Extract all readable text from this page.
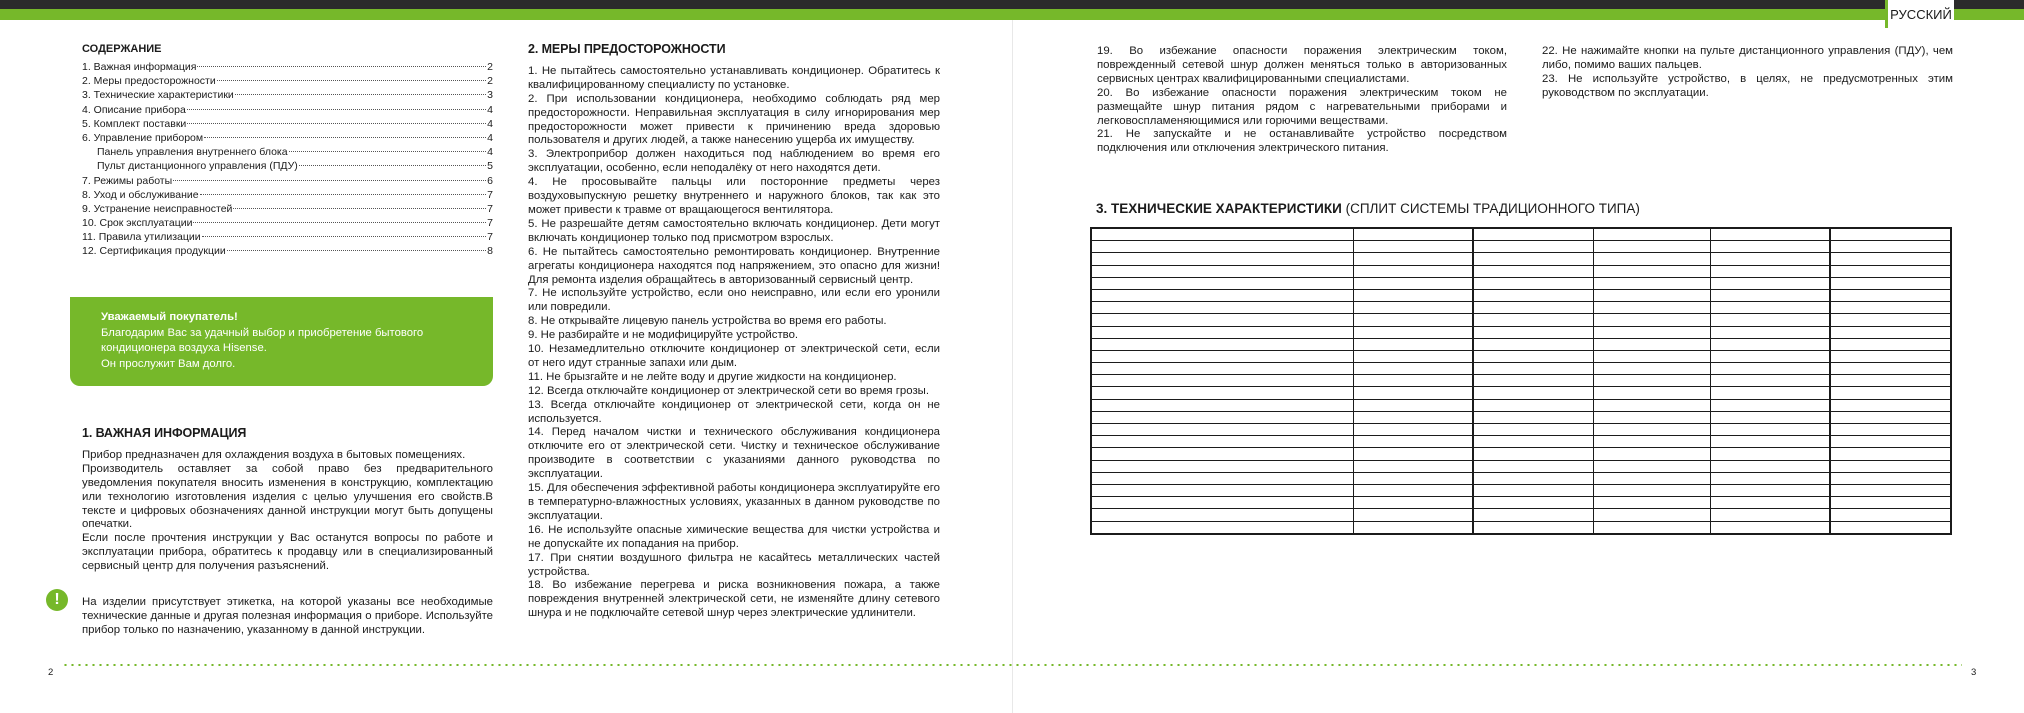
РУССКИЙ
СОДЕРЖАНИЕ
1. Важная информация	2
2. Меры предосторожности	2
3. Технические характеристики	3
4. Описание прибора	4
5. Комплект поставки	4
6. Управление прибором	4
Панель управления внутреннего блока	4
Пульт дистанционного управления (ПДУ)	5
7. Режимы работы	6
8. Уход и обслуживание	7
9. Устранение неисправностей	7
10. Срок эксплуатации	7
11. Правила утилизации	7
12. Сертификация продукции	8
Уважаемый покупатель!
Благодарим Вас за удачный выбор и приобретение бытового
кондиционера воздуха Hisense.
Он прослужит Вам долго.
1. ВАЖНАЯ ИНФОРМАЦИЯ

Прибор предназначен для охлаждения воздуха в бытовых помещениях.

Производитель оставляет за собой право без предварительного уведомления покупателя вносить изменения в конструкцию, комплектацию или технологию изготовления изделия с целью улучшения его свойств.В тексте и цифровых обозначениях данной инструкции могут быть допущены опечатки.

Если после прочтения инструкции у Вас останутся вопросы по работе и эксплуатации прибора, обратитесь к продавцу или в специализированный сервисный центр для получения разъяснений.

!	На изделии присутствует этикетка, на которой указаны все необходимые технические данные и другая полезная информация о приборе. Используйте прибор только по назначению, указанному в данной инструкции.

2. МЕРЫ ПРЕДОСТОРОЖНОСТИ

1. Не пытайтесь самостоятельно устанавливать кондиционер. Обратитесь к квалифицированному специалисту по установке.

2. При использовании кондиционера, необходимо соблюдать ряд мер предосторожности. Неправильная эксплуатация в силу игнорирования мер предосторожности может привести к причинению вреда здоровью пользователя и других людей, а также нанесению ущерба их имуществу.

3. Электроприбор должен находиться под наблюдением во время его эксплуатации, особенно, если неподалёку от него находятся дети.

4. Не просовывайте пальцы или посторонние предметы через воздуховыпускную решетку внутреннего и наружного блоков, так как это может привести к травме от вращающегося вентилятора.

5. Не разрешайте детям самостоятельно включать кондиционер. Дети могут включать кондиционер только под присмотром взрослых.

6. Не пытайтесь самостоятельно ремонтировать кондиционер. Внутренние агрегаты кондиционера находятся под напряжением, это опасно для жизни! Для ремонта изделия обращайтесь в авторизованный сервисный центр.

7. Не используйте устройство, если оно неисправно, или если его уронили или повредили.

8. Не открывайте лицевую панель устройства во время его работы.

9. Не разбирайте и не модифицируйте устройство.

10. Незамедлительно отключите кондиционер от электрической сети, если от него идут странные запахи или дым.

11. Не брызгайте и не лейте воду и другие жидкости на кондиционер.

12. Всегда отключайте кондиционер от электрической сети во время грозы.

13. Всегда отключайте кондиционер от электрической сети, когда он не используется.

14. Перед началом чистки и технического обслуживания кондиционера отключите его от электрической сети. Чистку и техническое обслуживание производите в соответствии с указаниями данного руководства по эксплуатации.

15. Для обеспечения эффективной работы кондиционера эксплуатируйте его в температурно-влажностных условиях, указанных в данном руководстве по эксплуатации.

16. Не используйте опасные химические вещества для чистки устройства и не допускайте их попадания на прибор.

17. При снятии воздушного фильтра не касайтесь металлических частей устройства.

18. Во избежание перегрева и риска возникновения пожара, а также повреждения внутренней электрической сети, не изменяйте длину сетевого шнура и не подключайте сетевой шнур через электрические удлинители.

19. Во избежание опасности поражения электрическим током, поврежденный сетевой шнур должен меняться только в авторизованных сервисных центрах квалифицированными специалистами.

20. Во избежание опасности поражения электрическим током не размещайте шнур питания рядом с нагревательными приборами и легковоспламеняющимися или горючими веществами.

21. Не запускайте и не останавливайте устройство посредством подключения или отключения электрического питания.

22. Не нажимайте кнопки на пульте дистанционного управления (ПДУ), чем либо, помимо ваших пальцев.

23. Не используйте устройство, в целях, не предусмотренных этим руководством по эксплуатации.

3. ТЕХНИЧЕСКИЕ ХАРАКТЕРИСТИКИ (СПЛИТ СИСТЕМЫ ТРАДИЦИОННОГО ТИПА)

2	3
